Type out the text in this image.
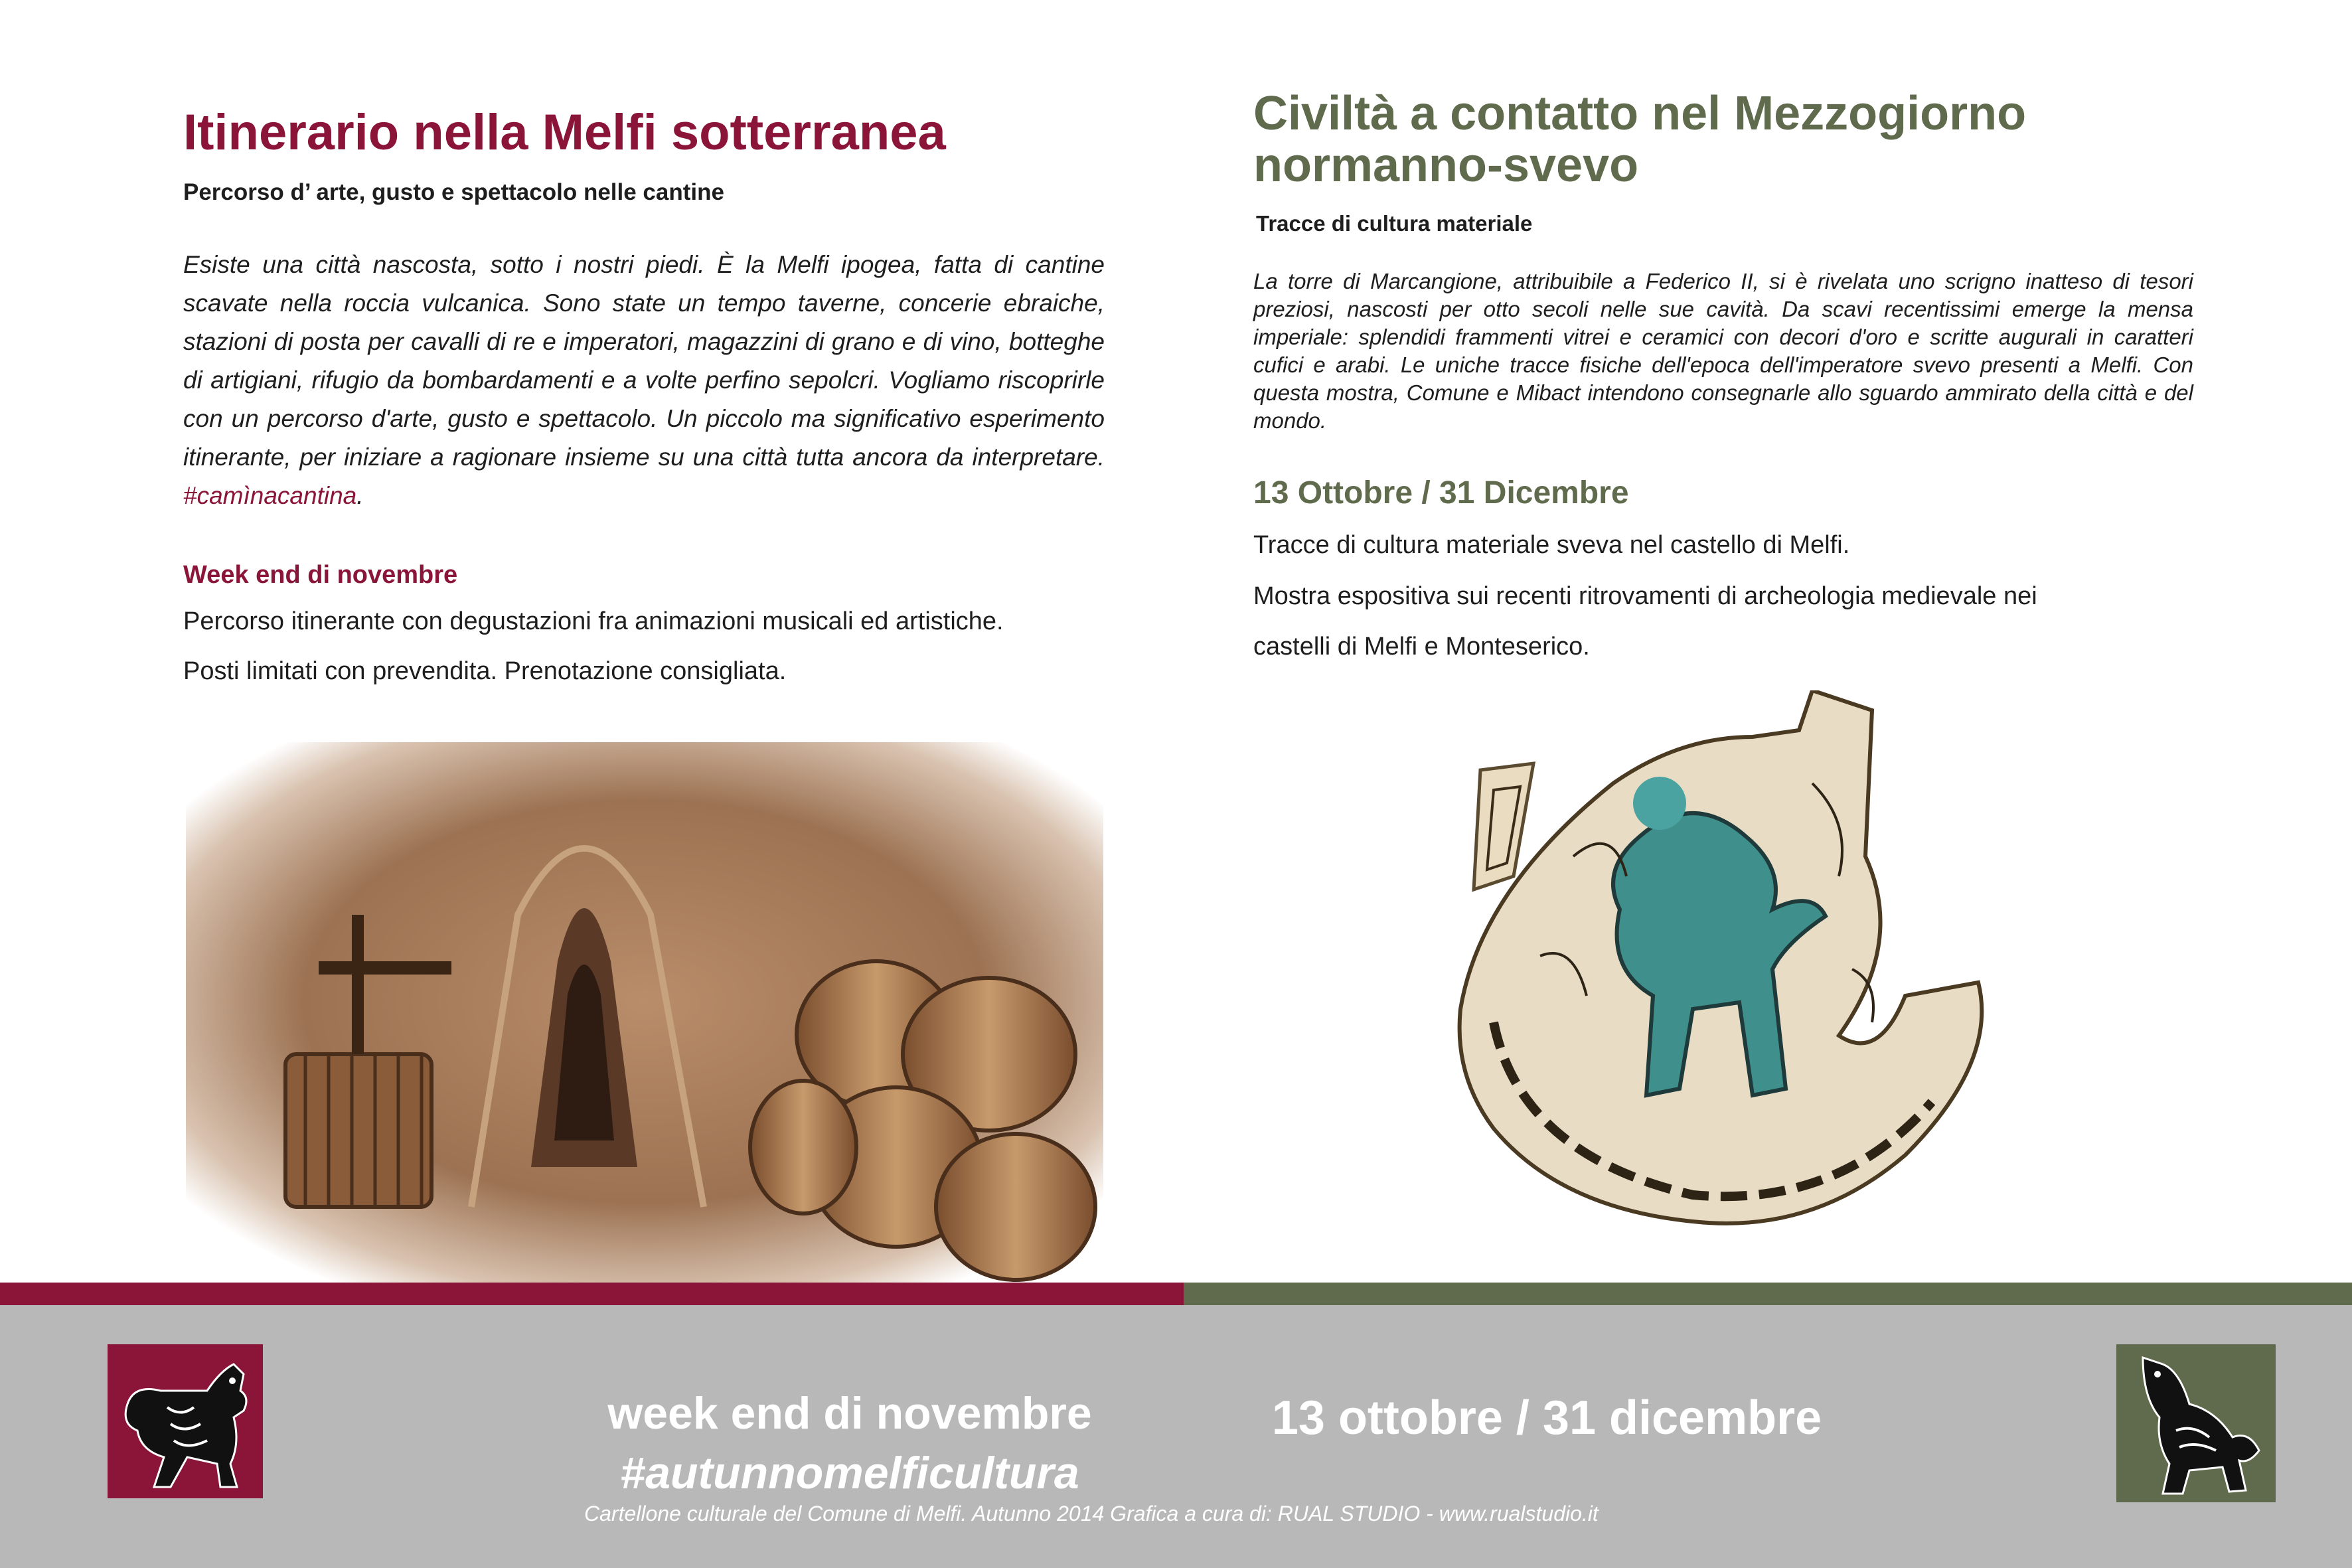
Itinerario nella Melfi sotterranea
Percorso d’ arte, gusto e spettacolo nelle cantine
Esiste una città nascosta, sotto i nostri piedi. È la Melfi ipogea, fatta di cantine scavate nella roccia vulcanica. Sono state un tempo taverne, concerie ebraiche, stazioni di posta per cavalli di re e imperatori, magazzini di grano e di vino, botteghe di artigiani, rifugio da bombardamenti e a volte perfino sepolcri. Vogliamo riscoprirle con un percorso d'arte, gusto e spettacolo. Un piccolo ma significativo esperimento itinerante, per iniziare a ragionare insieme su una città tutta ancora da interpretare. #camìnacantina.
Week end di novembre
Percorso itinerante con degustazioni fra animazioni musicali ed artistiche.
Posti limitati con prevendita. Prenotazione consigliata.
Civiltà a contatto nel Mezzogiorno
normanno-svevo
Tracce di cultura materiale
La torre di Marcangione, attribuibile a Federico II, si è rivelata uno scrigno inatteso di tesori preziosi, nascosti per otto secoli nelle sue cavità. Da scavi recentissimi emerge la mensa imperiale: splendidi frammenti vitrei e ceramici con decori d'oro e scritte augurali in caratteri cufici e arabi. Le uniche tracce fisiche dell'epoca dell'imperatore svevo presenti a Melfi. Con questa mostra, Comune e Mibact intendono consegnarle allo sguardo ammirato della città e del mondo.
13 Ottobre / 31 Dicembre
Tracce di cultura materiale sveva nel castello di Melfi.
Mostra espositiva sui recenti ritrovamenti di archeologia medievale nei
castelli di Melfi e Monteserico.
week end di novembre
#autunnomelficultura
13 ottobre / 31 dicembre
Cartellone culturale del Comune di Melfi. Autunno 2014 Grafica a cura di: RUAL STUDIO - www.rualstudio.it
